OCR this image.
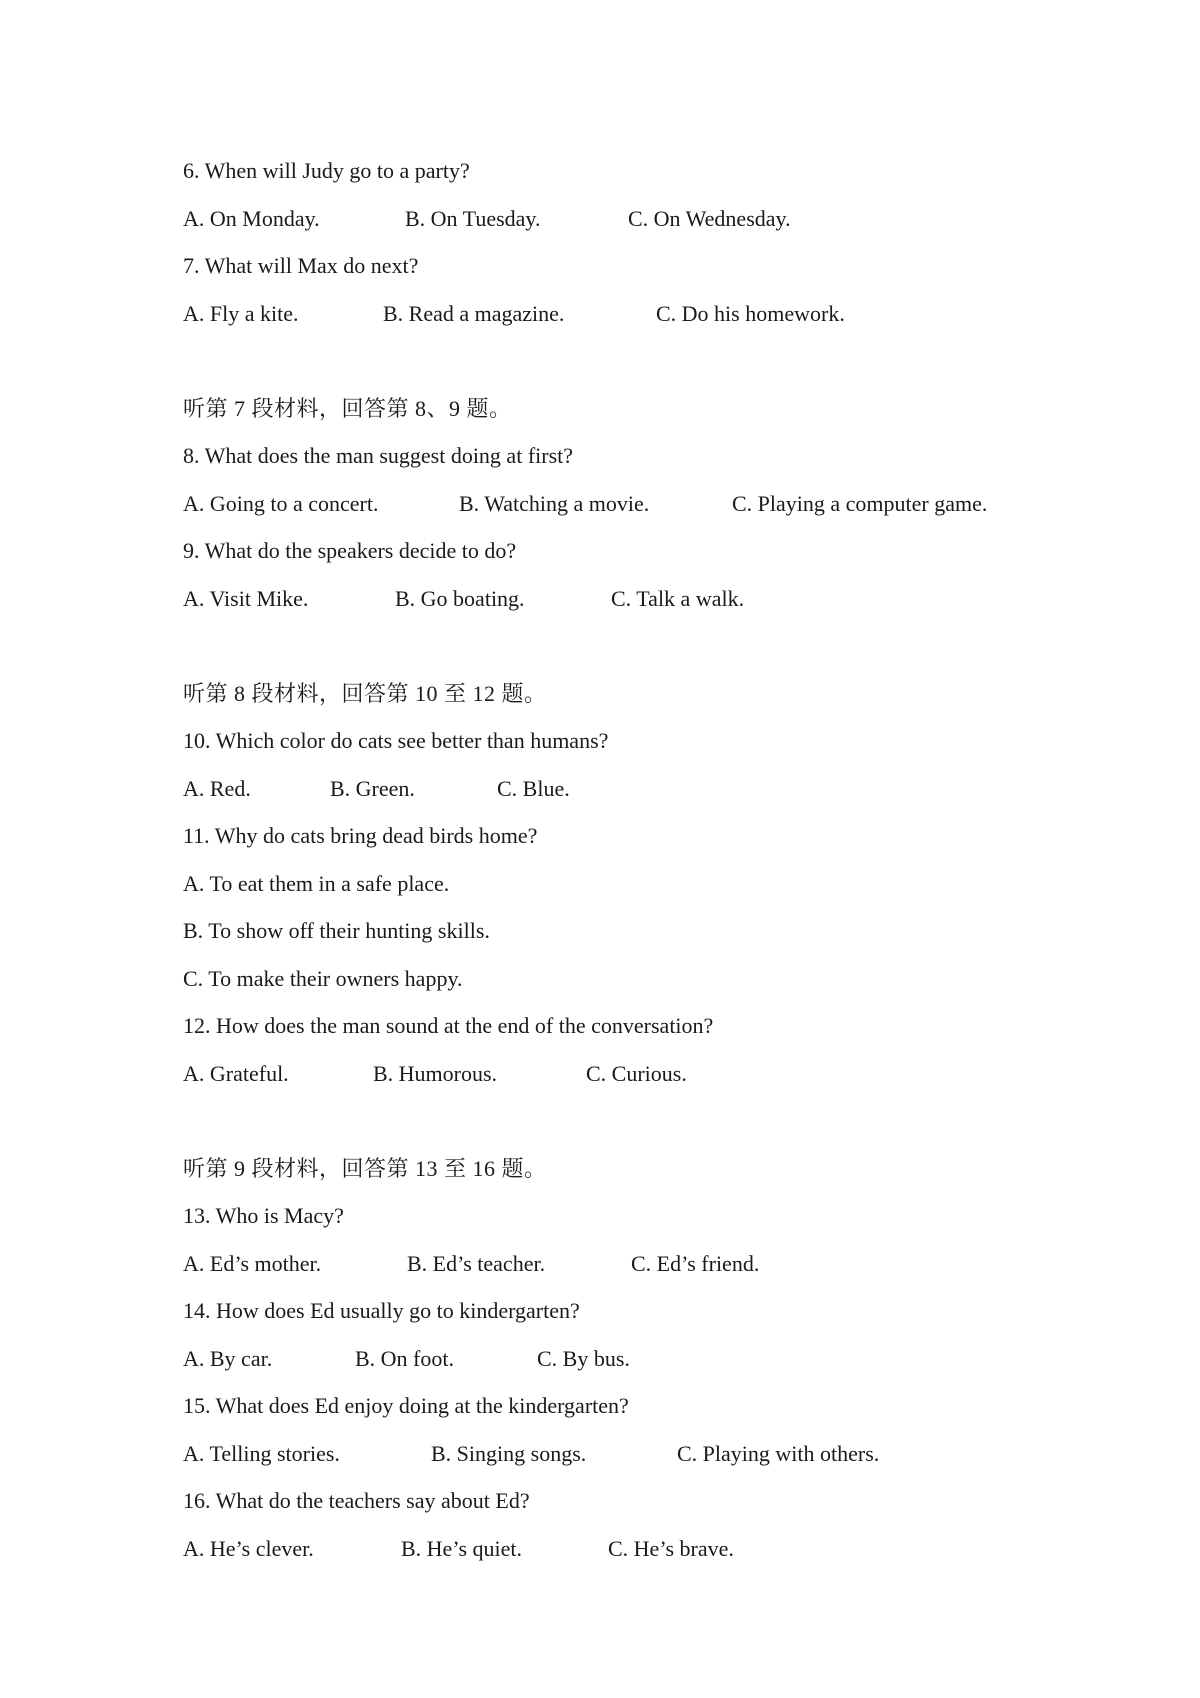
6. When will Judy go to a party?
A. On Monday.	B. On Tuesday.	C. On Wednesday.
7. What will Max do next?
A. Fly a kite.	B. Read a magazine.	C. Do his homework.
听第 7 段材料，回答第 8、9 题。
8. What does the man suggest doing at first?
A. Going to a concert.	B. Watching a movie.	C. Playing a computer game.
9. What do the speakers decide to do?
A. Visit Mike.	B. Go boating.	C. Talk a walk.
听第 8 段材料，回答第 10 至 12 题。
10. Which color do cats see better than humans?
A. Red.	B. Green.	C. Blue.
11. Why do cats bring dead birds home?
A. To eat them in a safe place.
B. To show off their hunting skills.
C. To make their owners happy.
12. How does the man sound at the end of the conversation?
A. Grateful.	B. Humorous.	C. Curious.
听第 9 段材料，回答第 13 至 16 题。
13. Who is Macy?
A. Ed’s mother.	B. Ed’s teacher.	C. Ed’s friend.
14. How does Ed usually go to kindergarten?
A. By car.	B. On foot.	C. By bus.
15. What does Ed enjoy doing at the kindergarten?
A. Telling stories.	B. Singing songs.	C. Playing with others.
16. What do the teachers say about Ed?
A. He’s clever.	B. He’s quiet.	C. He’s brave.
